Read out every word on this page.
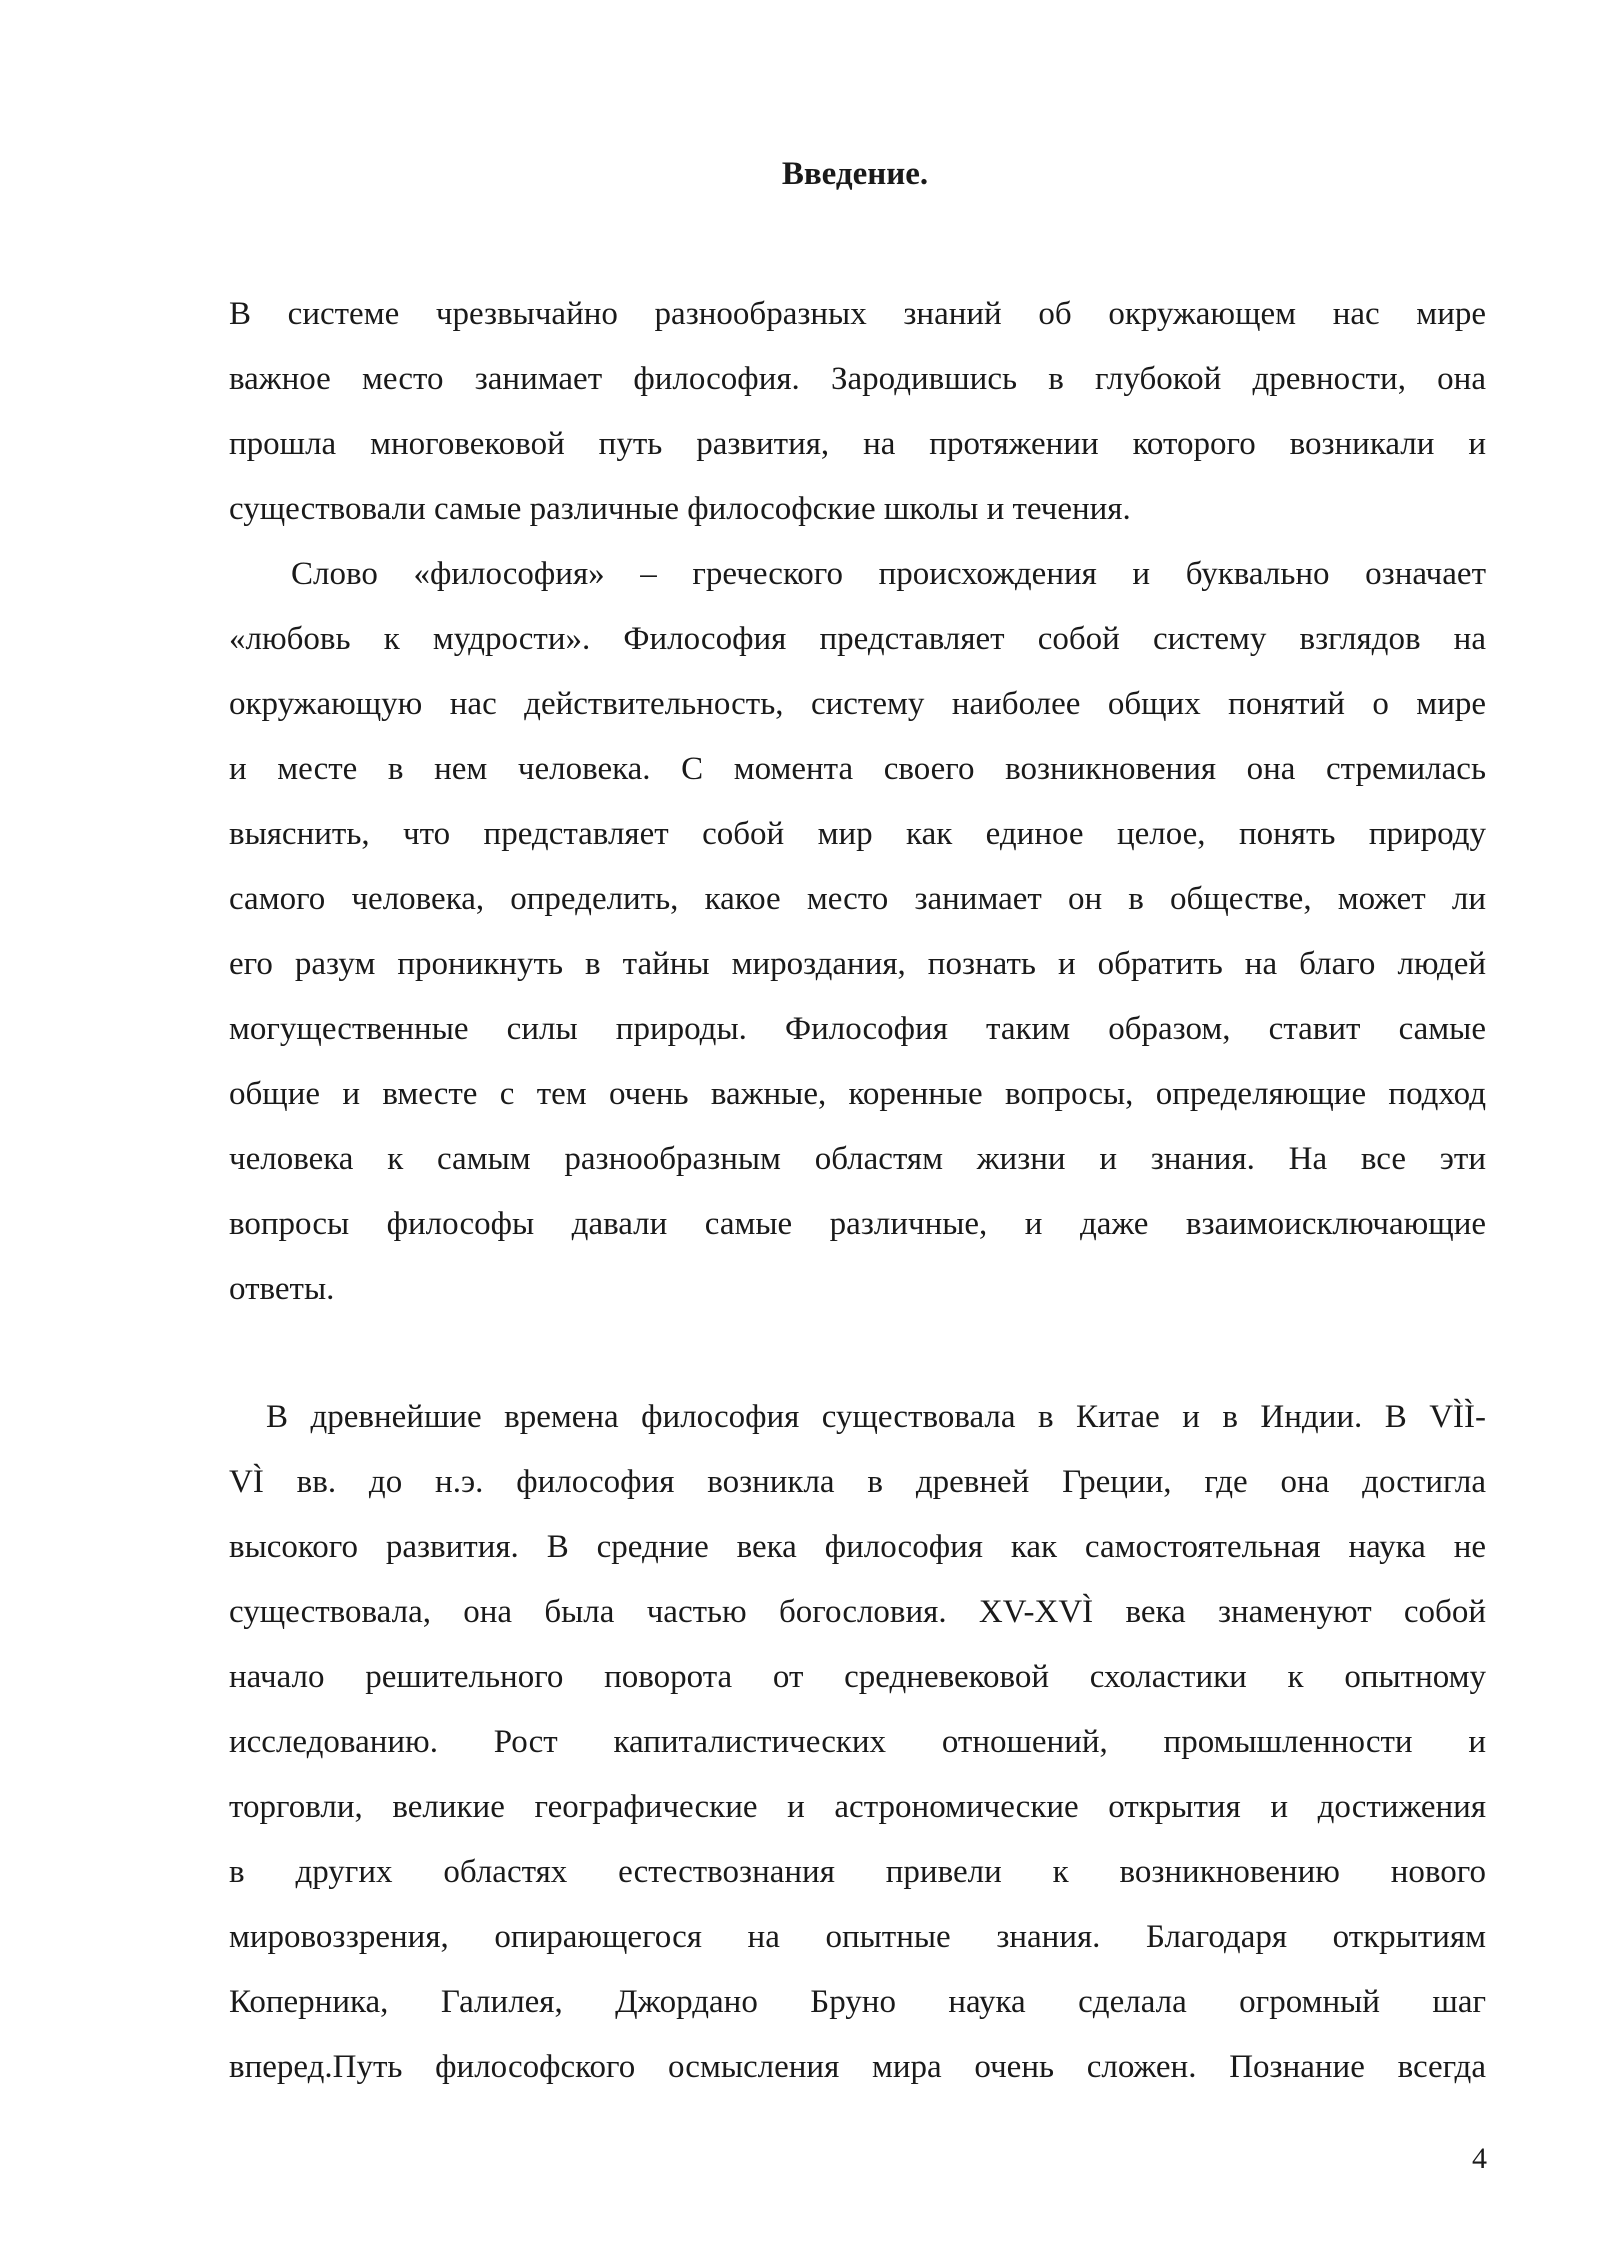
Введение.

В системе чрезвычайно разнообразных знаний об окружающем нас мире
важное место занимает философия. Зародившись в глубокой древности, она
прошла многовековой путь развития, на протяжении которого возникали и
существовали самые различные философские школы и течения.

Слово «философия» – греческого происхождения и буквально означает
«любовь к мудрости». Философия представляет собой систему взглядов на
окружающую нас действительность, систему наиболее общих понятий о мире
и месте в нем человека. С момента своего возникновения она стремилась
выяснить, что представляет собой мир как единое целое, понять природу
самого человека, определить, какое место занимает он в обществе, может ли
его разум проникнуть в тайны мироздания, познать и обратить на благо людей
могущественные силы природы. Философия таким образом, ставит самые
общие и вместе с тем очень важные, коренные вопросы, определяющие подход
человека к самым разнообразным областям жизни и знания. На все эти
вопросы философы давали самые различные, и даже взаимоисключающие
ответы.

В древнейшие времена философия существовала в Китае и в Индии. В VÌÌ-
VÌ вв. до н.э. философия возникла в древней Греции, где она достигла
высокого развития. В средние века философия как самостоятельная наука не
существовала, она была частью богословия. XV-XVÌ века знаменуют собой
начало решительного поворота от средневековой схоластики к опытному
исследованию. Рост капиталистических отношений, промышленности и
торговли, великие географические и астрономические открытия и достижения
в других областях естествознания привели к возникновению нового
мировоззрения, опирающегося на опытные знания. Благодаря открытиям
Коперника, Галилея, Джордано Бруно наука сделала огромный шаг
вперед.Путь философского осмысления мира очень сложен. Познание всегда

4
